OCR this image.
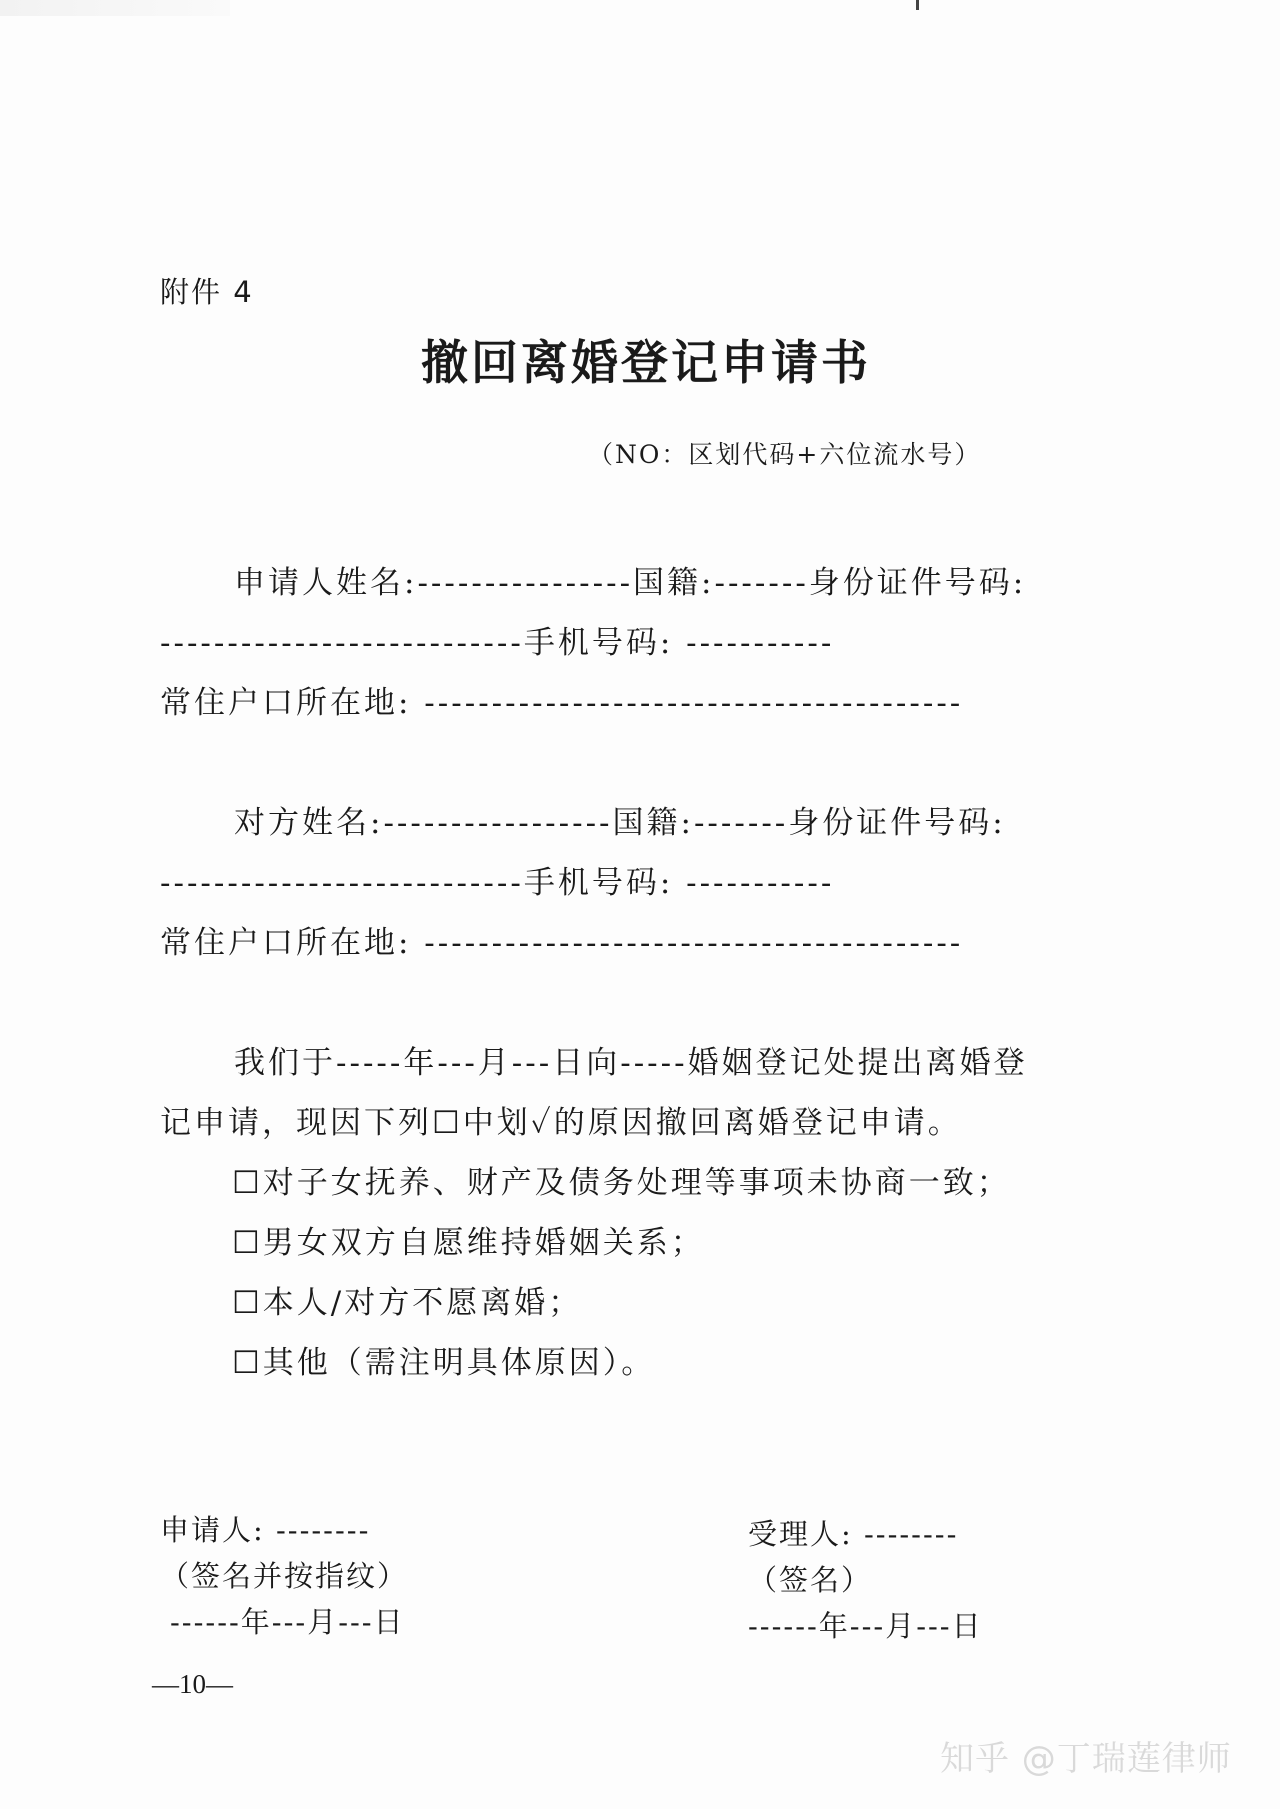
附件 4
撤回离婚登记申请书
（NO：区划代码+六位流水号）
申请人姓名:----------------国籍:-------身份证件号码:
---------------------------手机号码: -----------
常住户口所在地: ----------------------------------------
对方姓名:-----------------国籍:-------身份证件号码:
---------------------------手机号码: -----------
常住户口所在地: ----------------------------------------
我们于-----年---月---日向-----婚姻登记处提出离婚登
记申请，现因下列☐中划✓的原因撤回离婚登记申请。
☐对子女抚养、财产及债务处理等事项未协商一致；
☐男女双方自愿维持婚姻关系；
☐本人/对方不愿离婚；
☐其他（需注明具体原因）。
申请人: --------
（签名并按指纹）
------年---月---日
受理人: --------
（签名）
------年---月---日
—10—
知乎 @丁瑞莲律师
